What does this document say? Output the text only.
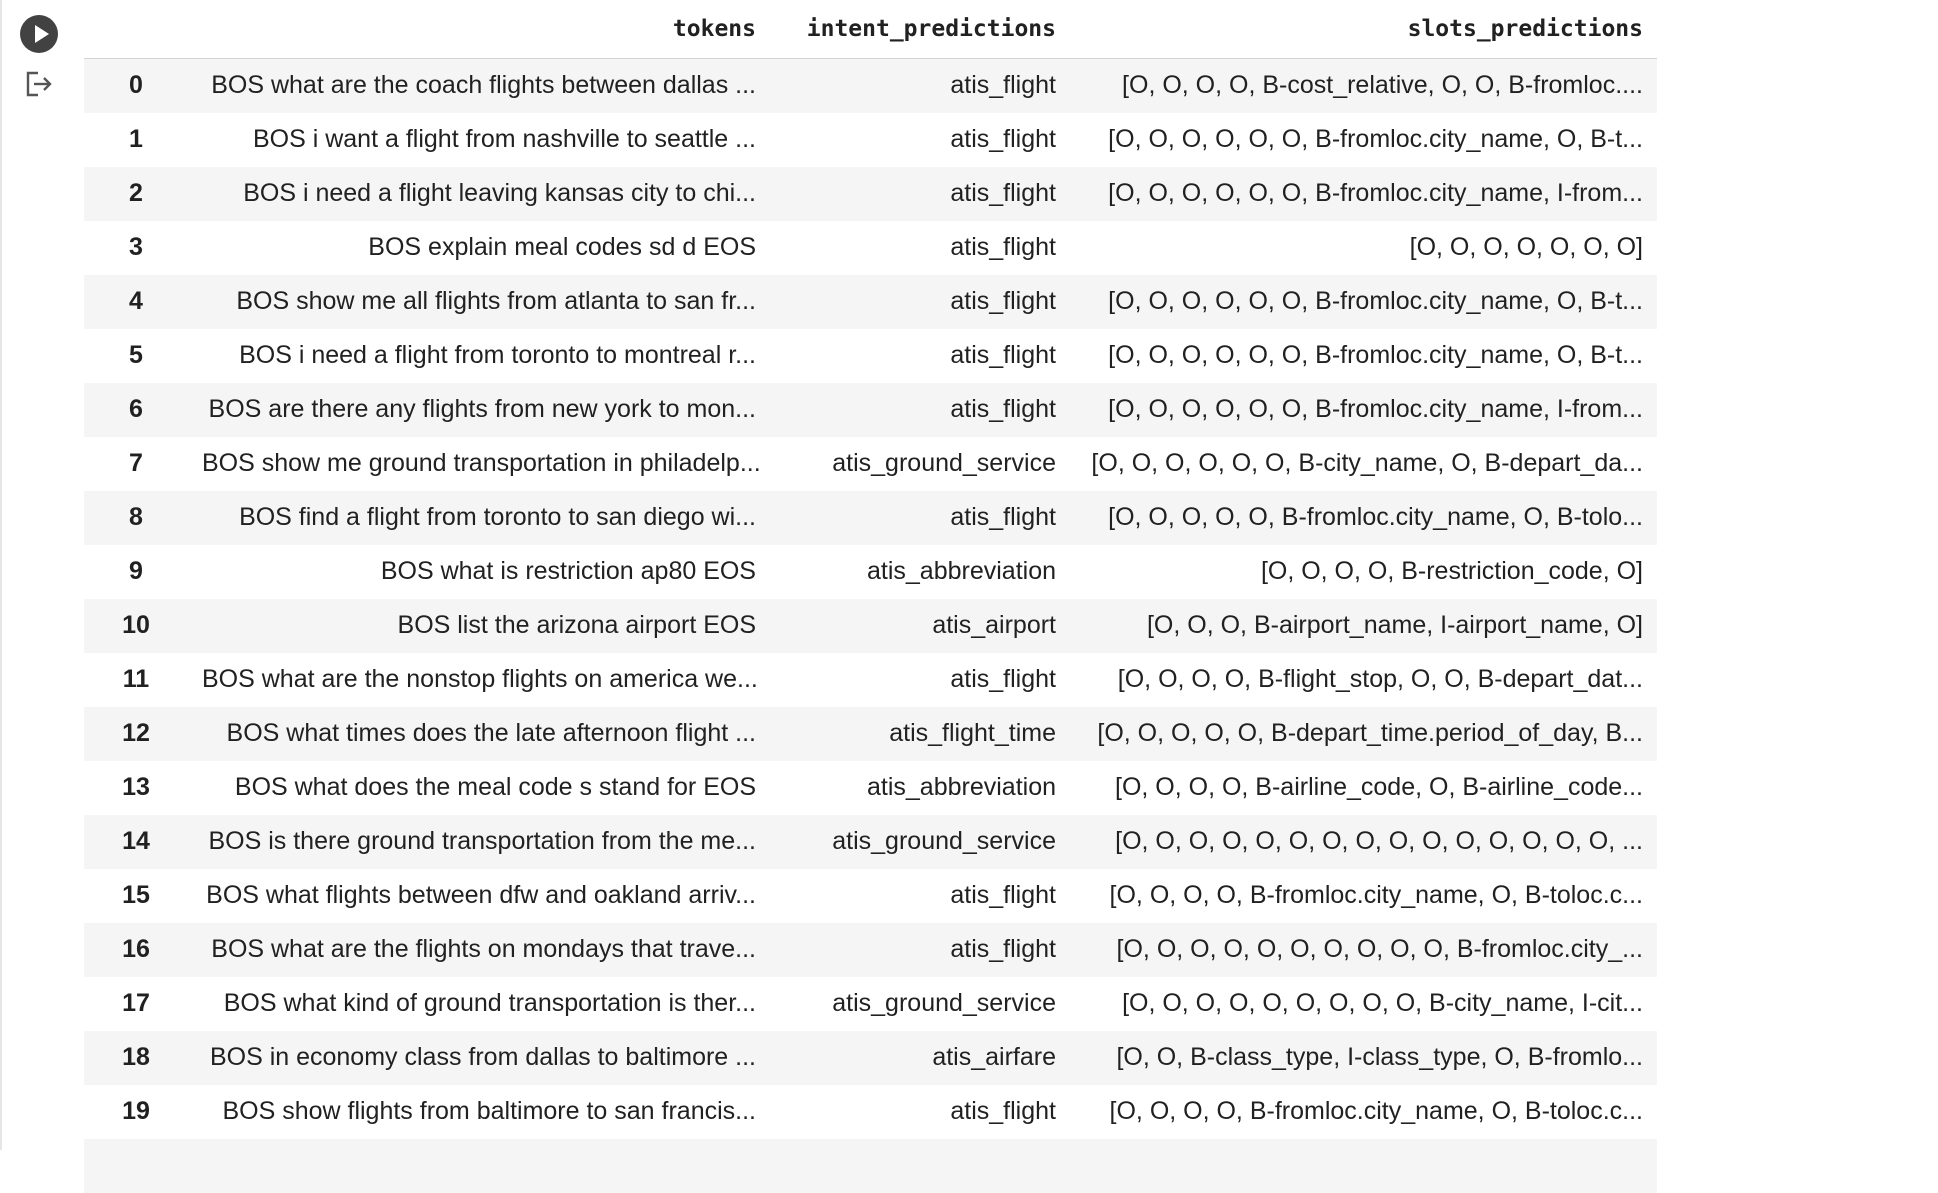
	tokens	intent_predictions	slots_predictions
0	BOS what are the coach flights between dallas ...	atis_flight	[O, O, O, O, B-cost_relative, O, O, B-fromloc....
1	BOS i want a flight from nashville to seattle ...	atis_flight	[O, O, O, O, O, O, B-fromloc.city_name, O, B-t...
2	BOS i need a flight leaving kansas city to chi...	atis_flight	[O, O, O, O, O, O, B-fromloc.city_name, I-from...
3	BOS explain meal codes sd d EOS	atis_flight	[O, O, O, O, O, O, O]
4	BOS show me all flights from atlanta to san fr...	atis_flight	[O, O, O, O, O, O, B-fromloc.city_name, O, B-t...
5	BOS i need a flight from toronto to montreal r...	atis_flight	[O, O, O, O, O, O, B-fromloc.city_name, O, B-t...
6	BOS are there any flights from new york to mon...	atis_flight	[O, O, O, O, O, O, B-fromloc.city_name, I-from...
7	BOS show me ground transportation in philadelp...	atis_ground_service	[O, O, O, O, O, O, B-city_name, O, B-depart_da...
8	BOS find a flight from toronto to san diego wi...	atis_flight	[O, O, O, O, O, B-fromloc.city_name, O, B-tolo...
9	BOS what is restriction ap80 EOS	atis_abbreviation	[O, O, O, O, B-restriction_code, O]
10	BOS list the arizona airport EOS	atis_airport	[O, O, O, B-airport_name, I-airport_name, O]
11	BOS what are the nonstop flights on america we...	atis_flight	[O, O, O, O, B-flight_stop, O, O, B-depart_dat...
12	BOS what times does the late afternoon flight ...	atis_flight_time	[O, O, O, O, O, B-depart_time.period_of_day, B...
13	BOS what does the meal code s stand for EOS	atis_abbreviation	[O, O, O, O, B-airline_code, O, B-airline_code...
14	BOS is there ground transportation from the me...	atis_ground_service	[O, O, O, O, O, O, O, O, O, O, O, O, O, O, O, ...
15	BOS what flights between dfw and oakland arriv...	atis_flight	[O, O, O, O, B-fromloc.city_name, O, B-toloc.c...
16	BOS what are the flights on mondays that trave...	atis_flight	[O, O, O, O, O, O, O, O, O, O, B-fromloc.city_...
17	BOS what kind of ground transportation is ther...	atis_ground_service	[O, O, O, O, O, O, O, O, O, B-city_name, I-cit...
18	BOS in economy class from dallas to baltimore ...	atis_airfare	[O, O, B-class_type, I-class_type, O, B-fromlo...
19	BOS show flights from baltimore to san francis...	atis_flight	[O, O, O, O, B-fromloc.city_name, O, B-toloc.c...
